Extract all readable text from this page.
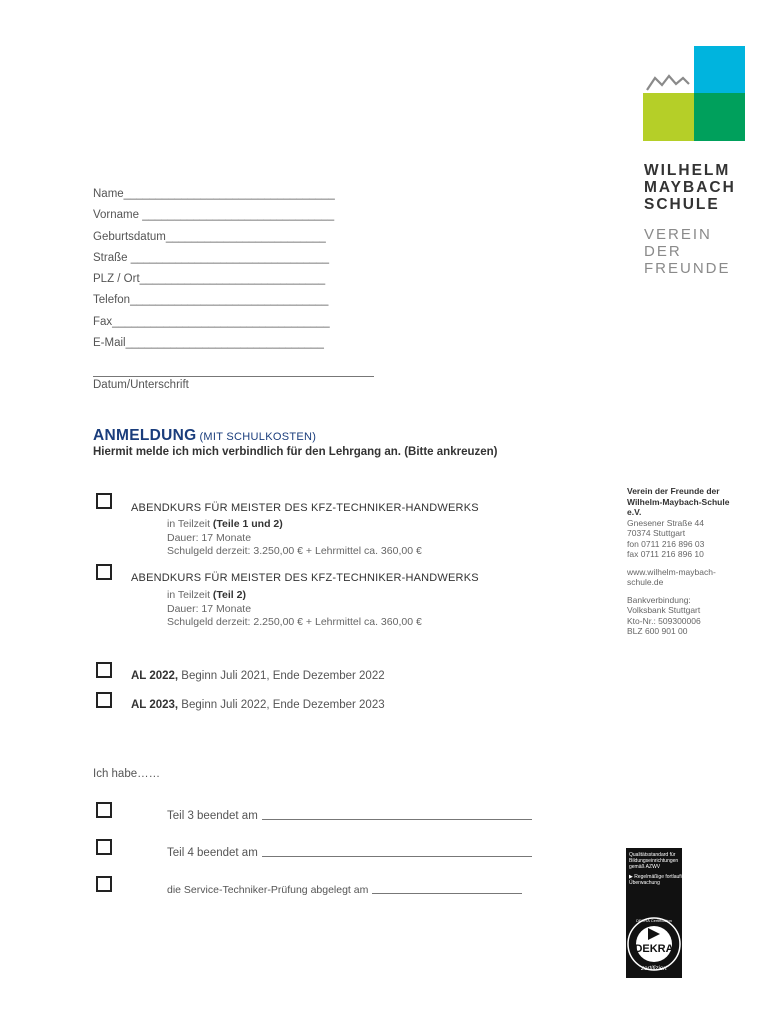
WILHELM
MAYBACH
SCHULE
VEREIN
DER
FREUNDE
Name_________________________________
Vorname ______________________________
Geburtsdatum_________________________
Straße _______________________________
PLZ / Ort_____________________________
Telefon_______________________________
Fax__________________________________
E-Mail_______________________________
Datum/Unterschrift
ANMELDUNG (MIT SCHULKOSTEN)
Hiermit melde ich mich verbindlich für den Lehrgang an. (Bitte ankreuzen)
ABENDKURS FÜR MEISTER DES KFZ-TECHNIKER-HANDWERKS
in Teilzeit (Teile 1 und 2)
Dauer: 17 Monate
Schulgeld derzeit: 3.250,00 € + Lehrmittel ca. 360,00 €
ABENDKURS FÜR MEISTER DES KFZ-TECHNIKER-HANDWERKS
in Teilzeit (Teil 2)
Dauer: 17 Monate
Schulgeld derzeit: 2.250,00 € + Lehrmittel ca. 360,00 €
AL 2022, Beginn Juli 2021, Ende Dezember 2022
AL 2023, Beginn Juli 2022, Ende Dezember 2023
Ich habe……
Teil 3 beendet am
Teil 4 beendet am
die Service-Techniker-Prüfung abgelegt am
Verein der Freunde der
Wilhelm-Maybach-Schule
e.V.
Gnesener Straße 44
70374 Stuttgart
fon 0711 216 896 03
fax 0711 216 896 10
www.wilhelm-maybach-
schule.de
Bankverbindung:
Volksbank Stuttgart
Kto-Nr.: 509300006
BLZ 600 901 00
Qualitätsstandard für
Bildungseinrichtungen
gemäß AZWV
▶ Regelmäßige fortlaufige
Überwachung
DEKRA
DEKRA Certification
zertifiziert
